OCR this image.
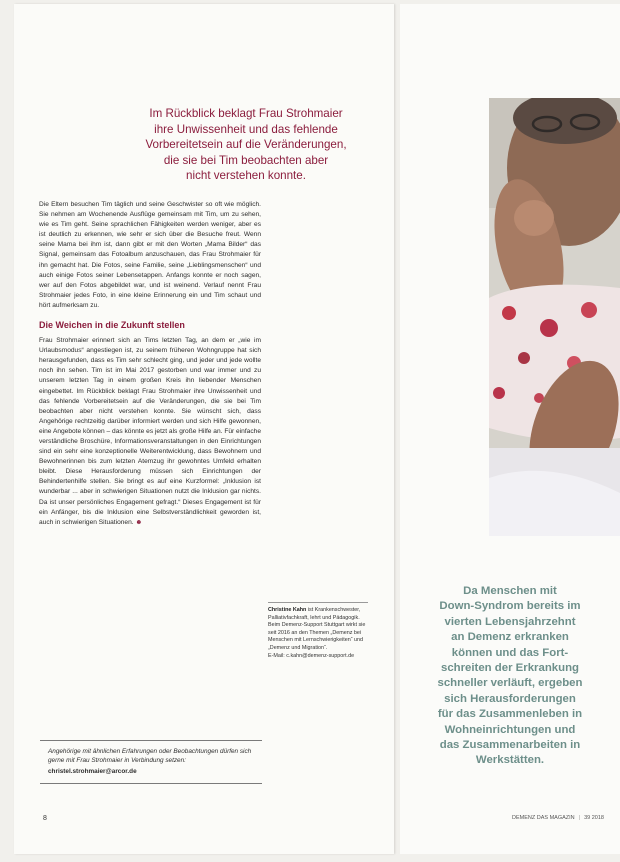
Im Rückblick beklagt Frau Strohmaier
ihre Unwissenheit und das fehlende
Vorbereitetsein auf die Veränderungen,
die sie bei Tim beobachten aber
nicht verstehen konnte.

Die Eltern besuchen Tim täglich und seine Geschwister so oft wie möglich. Sie nehmen am Wochenende Ausflüge gemeinsam mit Tim, um zu sehen, wie es Tim geht. Seine sprachlichen Fähigkeiten werden weniger, aber es ist deutlich zu erkennen, wie sehr er sich über die Besuche freut. Wenn seine Mama bei ihm ist, dann gibt er mit den Worten „Mama Bilder“ das Signal, gemeinsam das Fotoalbum anzuschauen, das Frau Strohmaier für ihn gemacht hat. Die Fotos, seine Familie, seine „Lieblingsmenschen“ und auch einige Fotos seiner Lebensetappen. Anfangs konnte er noch sagen, wer auf den Fotos abgebildet war, und ist weinend. Verlauf nennt Frau Strohmaier jedes Foto, in eine kleine Erinnerung ein und Tim schaut und hört aufmerksam zu.

Die Weichen in die Zukunft stellen

Frau Strohmaier erinnert sich an Tims letzten Tag, an dem er „wie im Urlaubsmodus“ angestiegen ist, zu seinem früheren Wohngruppe hat sich herausgefunden, dass es Tim sehr schlecht ging, und jeder und jede wollte noch ihn sehen. Tim ist im Mai 2017 gestorben und war immer und zu unserem letzten Tag in einem großen Kreis ihn liebender Menschen eingebettet. Im Rückblick beklagt Frau Strohmaier ihre Unwissenheit und das fehlende Vorbereitetsein auf die Veränderungen, die sie bei Tim beobachten aber nicht verstehen konnte. Sie wünscht sich, dass Angehörige rechtzeitig darüber informiert werden und sich Hilfe gewonnen, eine Angebote können – das könnte es jetzt als große Hilfe an. Für einfache verständliche Broschüre, Informationsveranstaltungen in den Einrichtungen sind ein sehr eine konzeptionelle Weiterentwicklung, dass Bewohnern und Bewohnerinnen bis zum letzten Atemzug ihr gewohntes Umfeld erhalten bleibt. Diese Herausforderung müssen sich Einrichtungen der Behindertenhilfe stellen. Sie bringt es auf eine Kurzformel: „Inklusion ist wunderbar ... aber in schwierigen Situationen nutzt die Inklusion gar nichts. Da ist unser persönliches Engagement gefragt.“ Dieses Engagement ist für ein Anfänger, bis die Inklusion eine Selbstverständlichkeit geworden ist, auch in schwierigen Situationen. ☻

Christine Kahn ist Krankenschwester, Palliativfachkraft, lehrt und Pädagogik. Beim Demenz-Support Stuttgart wirkt sie seit 2016 an den Themen „Demenz bei Menschen mit Lernschwierigkeiten“ und „Demenz und Migration“.
E-Mail: c.kahn@demenz-support.de
Angehörige mit ähnlichen Erfahrungen oder Beobachtungen dürfen sich gerne mit Frau Strohmaier in Verbindung setzen:
christel.strohmaier@arcor.de
8
Da Menschen mit
Down-Syndrom bereits im
vierten Lebensjahrzehnt
an Demenz erkranken
können und das Fort-
schreiten der Erkrankung
schneller verläuft, ergeben
sich Herausforderungen
für das Zusammenleben in
Wohneinrichtungen und
das Zusammenarbeiten in
Werkstätten.
DEMENZ DAS MAGAZIN | 39 2018
